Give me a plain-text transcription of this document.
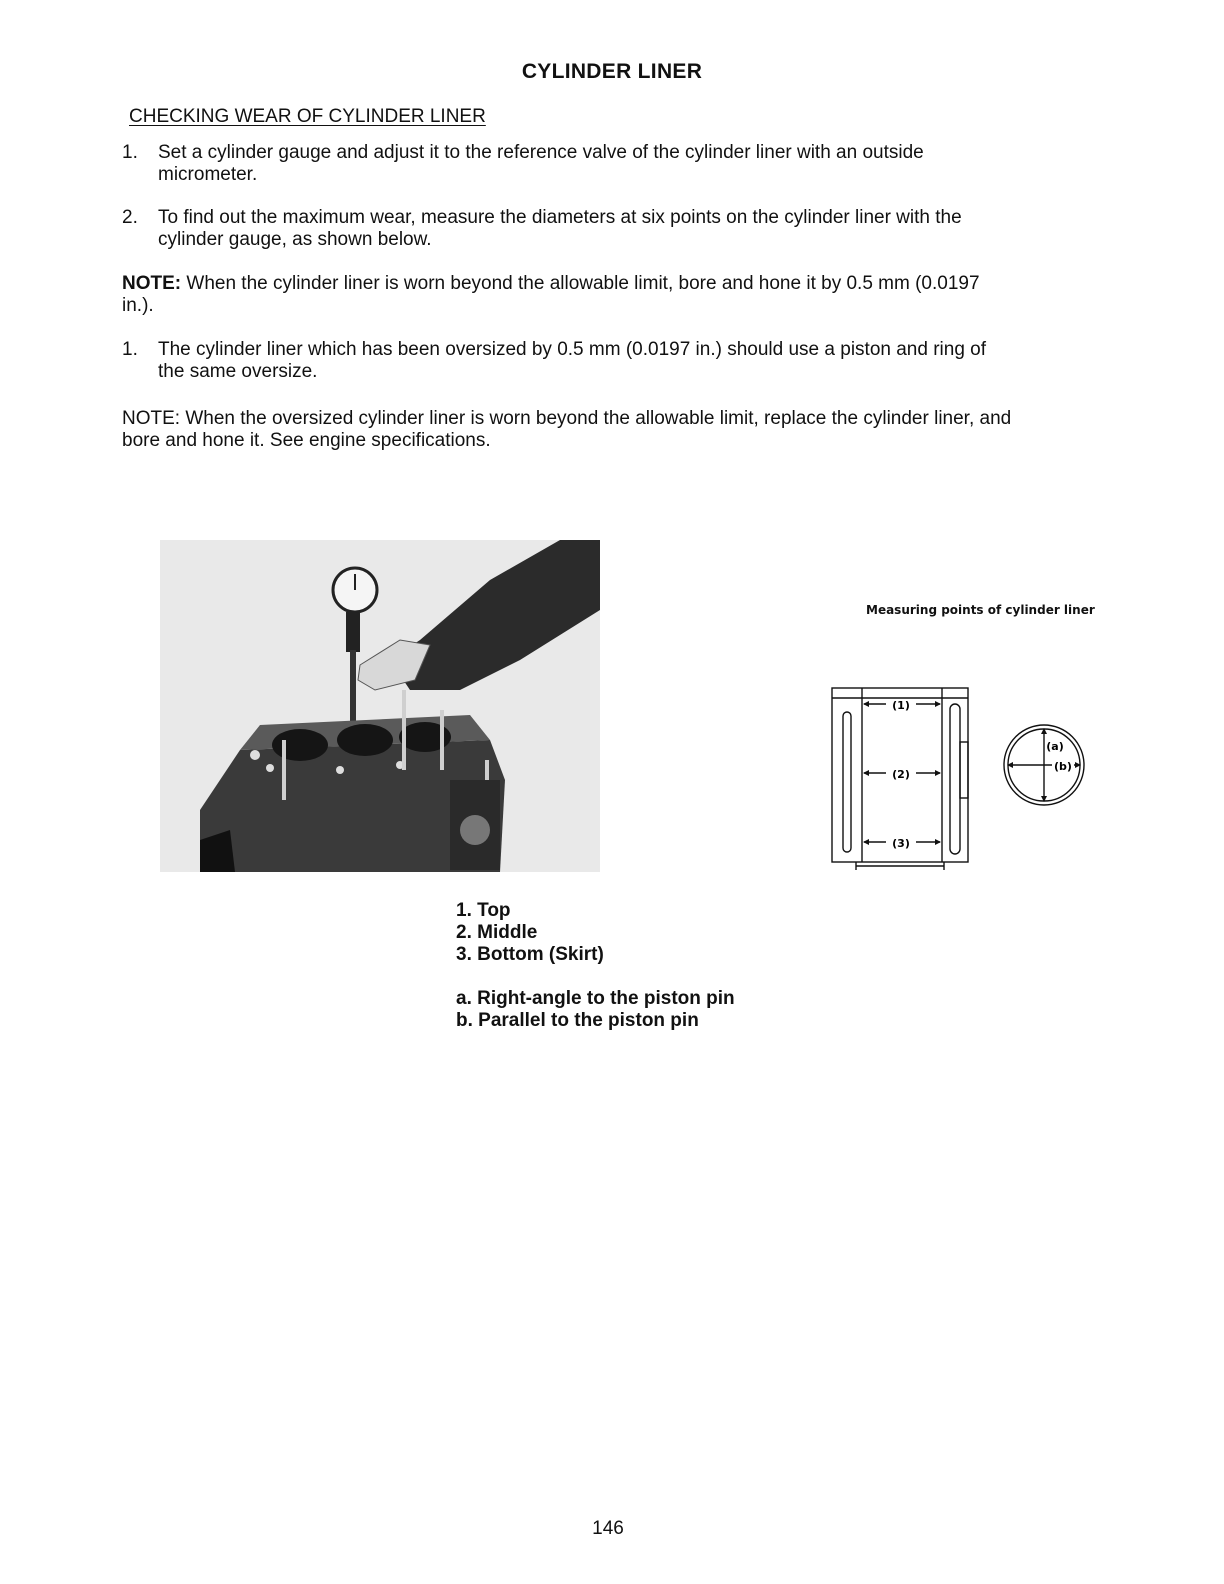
CYLINDER LINER
CHECKING WEAR OF CYLINDER LINER
1.	Set a cylinder gauge and adjust it to the reference valve of the cylinder liner with an outside micrometer.
2.	To find out the maximum wear, measure the diameters at six points on the cylinder liner with the cylinder gauge, as shown below.
NOTE: When the cylinder liner is worn beyond the allowable limit, bore and hone it by 0.5 mm (0.0197 in.).
1.	The cylinder liner which has been oversized by 0.5 mm (0.0197 in.) should use a piston and ring of the same oversize.
NOTE: When the oversized cylinder liner is worn beyond the allowable limit, replace the cylinder liner, and bore and hone it. See engine specifications.
Measuring points of cylinder liner
(1)
(2)
(3)
(a)
(b)
1. Top
2. Middle
3. Bottom (Skirt)
a. Right-angle to the piston pin
b. Parallel to the piston pin
146
